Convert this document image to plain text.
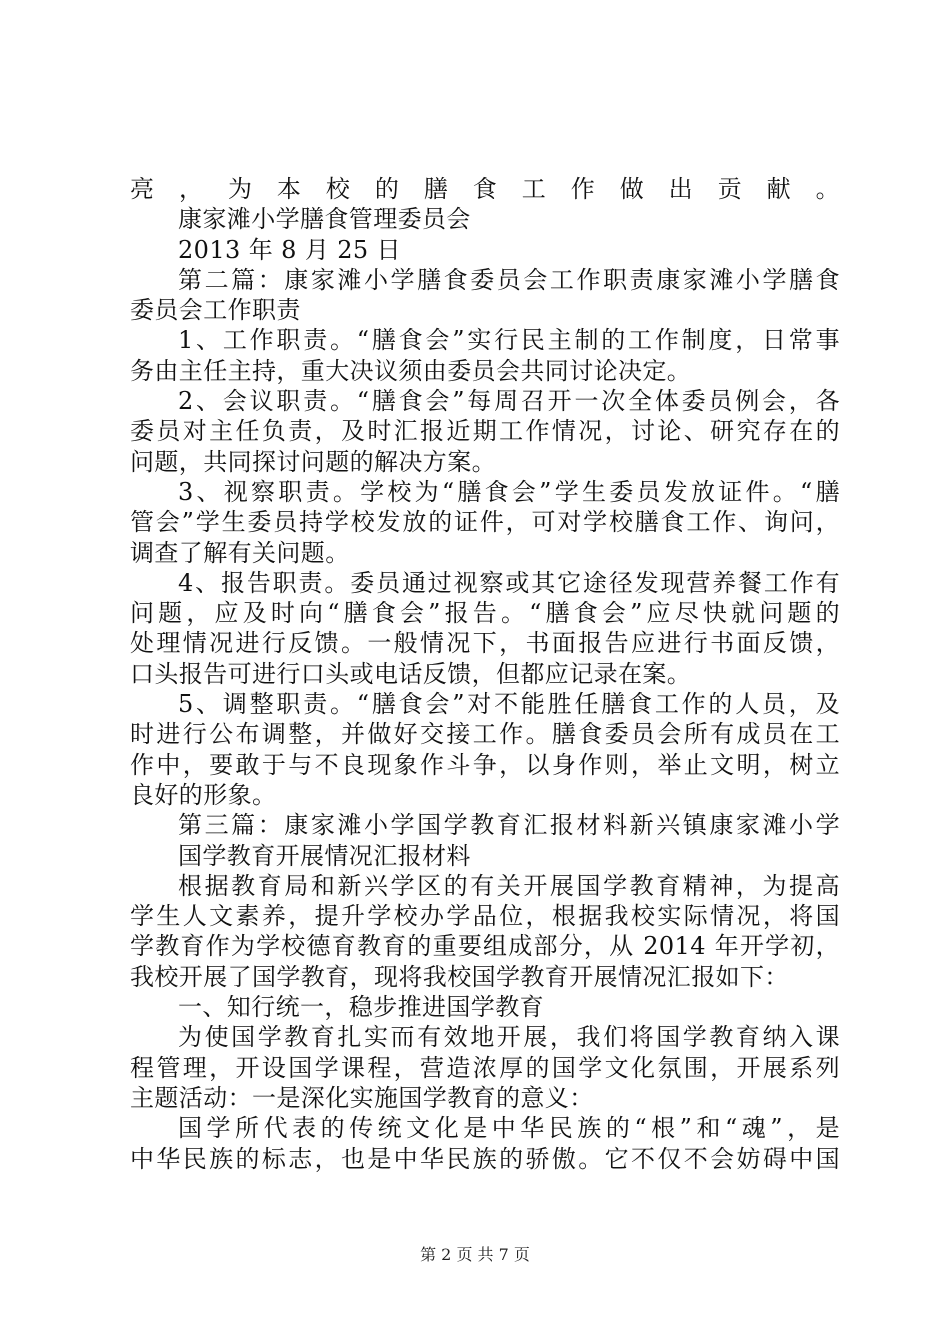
亮，为本校的膳食工作做出贡献。
康家滩小学膳食管理委员会
2013 年 8 月 25 日
第二篇：康家滩小学膳食委员会工作职责康家滩小学膳食
委员会工作职责
1、工作职责。“膳食会”实行民主制的工作制度，日常事
务由主任主持，重大决议须由委员会共同讨论决定。
2、会议职责。“膳食会”每周召开一次全体委员例会，各
委员对主任负责，及时汇报近期工作情况，讨论、研究存在的
问题，共同探讨问题的解决方案。
3、视察职责。学校为“膳食会”学生委员发放证件。“膳
管会”学生委员持学校发放的证件，可对学校膳食工作、询问，
调查了解有关问题。
4、报告职责。委员通过视察或其它途径发现营养餐工作有
问题，应及时向“膳食会”报告。“膳食会”应尽快就问题的
处理情况进行反馈。一般情况下，书面报告应进行书面反馈，
口头报告可进行口头或电话反馈，但都应记录在案。
5、调整职责。“膳食会”对不能胜任膳食工作的人员，及
时进行公布调整，并做好交接工作。膳食委员会所有成员在工
作中，要敢于与不良现象作斗争，以身作则，举止文明，树立
良好的形象。
第三篇：康家滩小学国学教育汇报材料新兴镇康家滩小学
国学教育开展情况汇报材料
根据教育局和新兴学区的有关开展国学教育精神，为提高
学生人文素养，提升学校办学品位，根据我校实际情况，将国
学教育作为学校德育教育的重要组成部分，从 2014 年开学初，
我校开展了国学教育，现将我校国学教育开展情况汇报如下：
一、知行统一，稳步推进国学教育
为使国学教育扎实而有效地开展，我们将国学教育纳入课
程管理，开设国学课程，营造浓厚的国学文化氛围，开展系列
主题活动：一是深化实施国学教育的意义：
国学所代表的传统文化是中华民族的“根”和“魂”，是
中华民族的标志，也是中华民族的骄傲。它不仅不会妨碍中国
第 2 页 共 7 页
